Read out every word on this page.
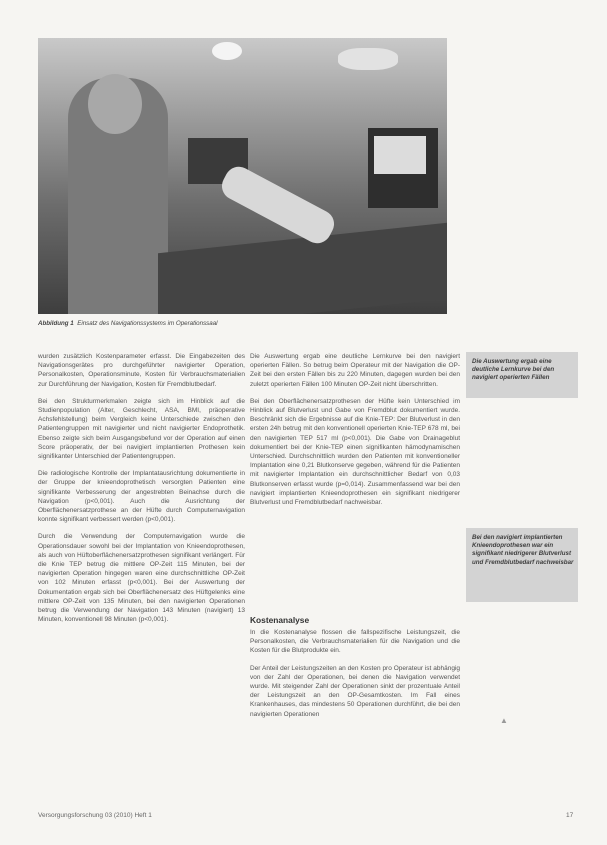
Abbildung 1 Einsatz des Navigationssystems im Operationssaal

wurden zusätzlich Kostenparameter erfasst. Die Eingabezeiten des Navigationsgerätes pro durchgeführter navigierter Operation, Personalkosten, Operationsminute, Kosten für Verbrauchsmaterialien zur Durchführung der Navigation, Kosten für Fremdblutbedarf.

Bei den Strukturmerkmalen zeigte sich im Hinblick auf die Studienpopulation (Alter, Geschlecht, ASA, BMI, präoperative Achsfehlstellung) beim Vergleich keine Unterschiede zwischen den Patientengruppen mit navigierter und nicht navigierter Endoprothetik. Ebenso zeigte sich beim Ausgangsbefund vor der Operation auf einen Score präoperativ, der bei navigiert implantierten Prothesen kein signifikanter Unterschied der Patientengruppen.

Die radiologische Kontrolle der Implantatausrichtung dokumentierte in der Gruppe der knieendoprothetisch versorgten Patienten eine signifikante Verbesserung der angestrebten Beinachse durch die Navigation (p<0,001). Auch die Ausrichtung der Oberflächenersatzprothese an der Hüfte durch Computernavigation konnte signifikant verbessert werden (p<0,001).

Durch die Verwendung der Computernavigation wurde die Operationsdauer sowohl bei der Implantation von Knieendoprothesen, als auch von Hüftoberflächenersatzprothesen signifikant verlängert. Für die Knie TEP betrug die mittlere OP-Zeit 115 Minuten, bei der navigierten Operation hingegen waren eine durchschnittliche OP-Zeit von 102 Minuten erfasst (p<0,001). Bei der Auswertung der Dokumentation ergab sich bei Oberflächenersatz des Hüftgelenks eine mittlere OP-Zeit von 135 Minuten, bei den navigierten Operationen betrug die Verwendung der Navigation 143 Minuten (navigiert) 13 Minuten, konventionell 98 Minuten (p<0,001).

Die Auswertung ergab eine deutliche Lernkurve bei den navigiert operierten Fällen. So betrug beim Operateur mit der Navigation die OP-Zeit bei den ersten Fällen bis zu 220 Minuten, dagegen wurden bei den zuletzt operierten Fällen 100 Minuten OP-Zeit nicht überschritten.

Bei den Oberflächenersatzprothesen der Hüfte kein Unterschied im Hinblick auf Blutverlust und Gabe von Fremdblut dokumentiert wurde. Beschränkt sich die Ergebnisse auf die Knie-TEP: Der Blutverlust in den ersten 24h betrug mit den konventionell operierten Knie-TEP 678 ml, bei den navigierten TEP 517 ml (p<0,001). Die Gabe von Drainageblut dokumentiert bei der Knie-TEP einen signifikanten hämodynamischen Unterschied. Durchschnittlich wurden den Patienten mit konventioneller Implantation eine 0,21 Blutkonserve gegeben, während für die Patienten mit navigierter Implantation ein durchschnittlicher Bedarf von 0,03 Blutkonserven erfasst wurde (p=0,014). Zusammenfassend war bei den navigiert implantierten Knieendoprothesen ein signifikant niedrigerer Blutverlust und Fremdblutbedarf nachweisbar.

In die Kostenanalyse flossen die fallspezifische Leistungszeit, die Personalkosten, die Verbrauchsmaterialien für die Navigation und die Kosten für die Blutprodukte ein.

Der Anteil der Leistungszeiten an den Kosten pro Operateur ist abhängig von der Zahl der Operationen, bei denen die Navigation verwendet wurde. Mit steigender Zahl der Operationen sinkt der prozentuale Anteil der Leistungszeit an den OP-Gesamtkosten. Im Fall eines Krankenhauses, das mindestens 50 Operationen durchführt, die bei den navigierten Operationen

Kostenanalyse
Die Auswertung ergab eine deutliche Lernkurve bei den navigiert operierten Fällen
Bei den navigiert implantierten Knieendoprothesen war ein signifikant niedrigerer Blutverlust und Fremdblutbedarf nachweisbar
▲
Versorgungsforschung 03 (2010) Heft 1	17
